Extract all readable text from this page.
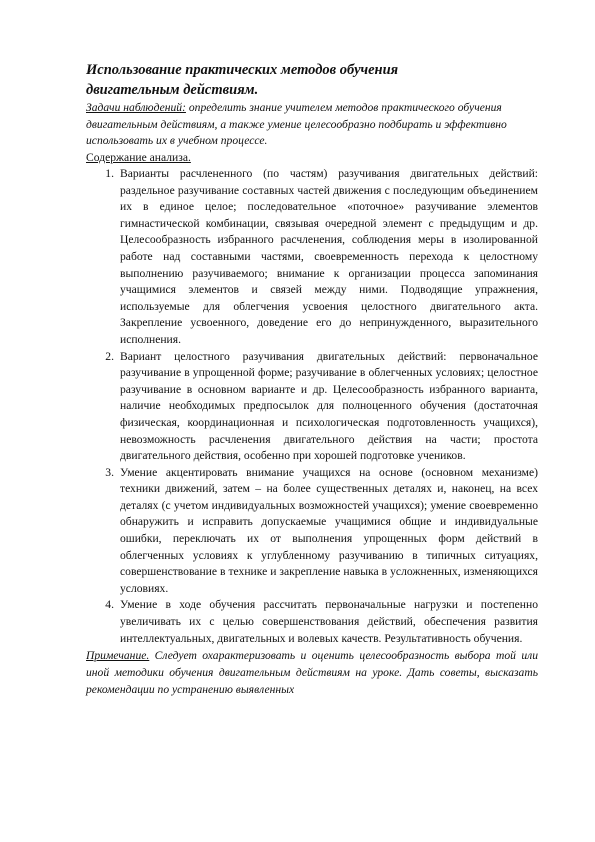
Использование практических методов обучения
двигательным действиям.

Задачи наблюдений: определить знание учителем методов практического обучения двигательным действиям, а также умение целесообразно подбирать и эффективно использовать их в учебном процессе.

Содержание анализа.

1. Варианты расчлененного (по частям) разучивания двигательных действий: раздельное разучивание составных частей движения с последующим объединением их в единое целое; последовательное «поточное» разучивание элементов гимнастической комбинации, связывая очередной элемент с предыдущим и др. Целесообразность избранного расчленения, соблюдения меры в изолированной работе над составными частями, своевременность перехода к целостному выполнению разучиваемого; внимание к организации процесса запоминания учащимися элементов и связей между ними. Подводящие упражнения, используемые для облегчения усвоения целостного двигательного акта. Закрепление усвоенного, доведение его до непринужденного, выразительного исполнения.
2. Вариант целостного разучивания двигательных действий: первоначальное разучивание в упрощенной форме; разучивание в облегченных условиях; целостное разучивание в основном варианте и др. Целесообразность избранного варианта, наличие необходимых предпосылок для полноценного обучения (достаточная физическая, координационная и психологическая подготовленность учащихся), невозможность расчленения двигательного действия на части; простота двигательного действия, особенно при хорошей подготовке учеников.
3. Умение акцентировать внимание учащихся на основе (основном механизме) техники движений, затем – на более существенных деталях и, наконец, на всех деталях (с учетом индивидуальных возможностей учащихся); умение своевременно обнаружить и исправить допускаемые учащимися общие и индивидуальные ошибки, переключать их от выполнения упрощенных форм действий в облегченных условиях к углубленному разучиванию в типичных ситуациях, совершенствование в технике и закрепление навыка в усложненных, изменяющихся условиях.
4. Умение в ходе обучения рассчитать первоначальные нагрузки и постепенно увеличивать их с целью совершенствования действий, обеспечения развития интеллектуальных, двигательных и волевых качеств. Результативность обучения.

Примечание. Следует охарактеризовать и оценить целесообразность выбора той или иной методики обучения двигательным действиям на уроке. Дать советы, высказать рекомендации по устранению выявленных
